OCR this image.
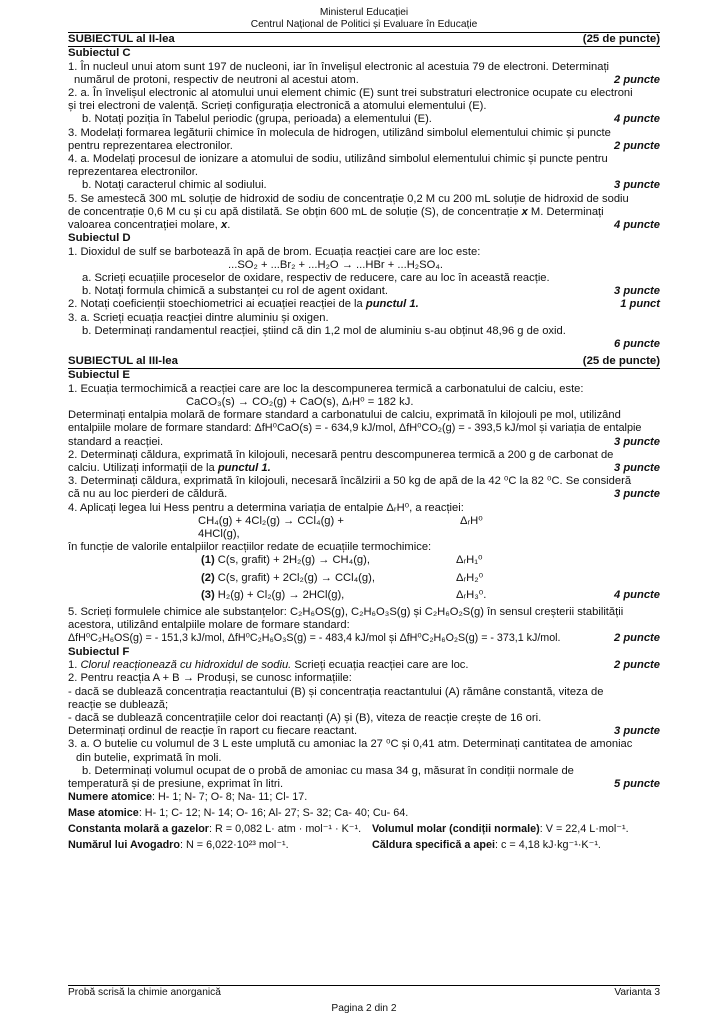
Ministerul Educației
Centrul Național de Politici și Evaluare în Educație
SUBIECTUL al II-lea	(25 de puncte)
Subiectul C

1. În nucleul unui atom sunt 197 de nucleoni, iar în învelișul electronic al acestuia 79 de electroni. Determinați

numărul de protoni, respectiv de neutroni al acestui atom.	2 puncte

2. a. În învelișul electronic al atomului unui element chimic (E) sunt trei substraturi electronice ocupate cu electroni

și trei electroni de valență. Scrieți configurația electronică a atomului elementului (E).

b. Notați poziția în Tabelul periodic (grupa, perioada) a elementului (E).	4 puncte

3. Modelați formarea legăturii chimice în molecula de hidrogen, utilizând simbolul elementului chimic și puncte

pentru reprezentarea electronilor.	2 puncte

4. a. Modelați procesul de ionizare a atomului de sodiu, utilizând simbolul elementului chimic și puncte pentru

reprezentarea electronilor.

b. Notați caracterul chimic al sodiului.	3 puncte

5. Se amestecă 300 mL soluție de hidroxid de sodiu de concentrație 0,2 M cu 200 mL soluție de hidroxid de sodiu

de concentrație 0,6 M cu și cu apă distilată. Se obțin 600 mL de soluție (S), de concentrație x M. Determinați

valoarea concentrației molare, x.	4 puncte
Subiectul D

1. Dioxidul de sulf se barbotează în apă de brom. Ecuația reacției care are loc este:

...SO₂ + ...Br₂ + ...H₂O → ...HBr + ...H₂SO₄.

a. Scrieți ecuațiile proceselor de oxidare, respectiv de reducere, care au loc în această reacție.

b. Notați formula chimică a substanței cu rol de agent oxidant.	3 puncte
2. Notați coeficienții stoechiometrici ai ecuației reacției de la punctul 1.	1 punct

3. a. Scrieți ecuația reacției dintre aluminiu și oxigen.

b. Determinați randamentul reacției, știind că din 1,2 mol de aluminiu s-au obținut 48,96 g de oxid.

6 puncte
SUBIECTUL al III-lea	(25 de puncte)
Subiectul E

1. Ecuația termochimică a reacției care are loc la descompunerea termică a carbonatului de calciu, este:

CaCO₃(s) → CO₂(g) + CaO(s), ΔᵣH⁰ = 182 kJ.

Determinați entalpia molară de formare standard a carbonatului de calciu, exprimată în kilojouli pe mol, utilizând

entalpiile molare de formare standard: ΔfH⁰CaO(s) = - 634,9 kJ/mol, ΔfH⁰CO₂(g) = - 393,5 kJ/mol și variația de entalpie

standard a reacției.	3 puncte

2. Determinați căldura, exprimată în kilojouli, necesară pentru descompunerea termică a 200 g de carbonat de

calciu. Utilizați informații de la punctul 1.	3 puncte

3. Determinați căldura, exprimată în kilojouli, necesară încălzirii a 50 kg de apă de la 42 ⁰C la 82 ⁰C. Se consideră

că nu au loc pierderi de căldură.	3 puncte

4. Aplicați legea lui Hess pentru a determina variația de entalpie ΔᵣH⁰, a reacției:

CH₄(g) + 4Cl₂(g) → CCl₄(g) + 4HCl(g),
ΔᵣH⁰

în funcție de valorile entalpiilor reacțiilor redate de ecuațiile termochimice:

(1) C(s, grafit) + 2H₂(g) → CH₄(g),	ΔᵣH₁⁰
(2) C(s, grafit) + 2Cl₂(g) → CCl₄(g),	ΔᵣH₂⁰
(3) H₂(g) + Cl₂(g) → 2HCl(g),	ΔᵣH₃⁰.	4 puncte

5. Scrieți formulele chimice ale substanțelor: C₂H₆OS(g), C₂H₆O₃S(g) și C₂H₆O₂S(g) în sensul creșterii stabilității

acestora, utilizând entalpiile molare de formare standard:

ΔfH⁰C₂H₆OS(g) = - 151,3 kJ/mol, ΔfH⁰C₂H₆O₃S(g) = - 483,4 kJ/mol și ΔfH⁰C₂H₆O₂S(g) = - 373,1 kJ/mol.	2 puncte
Subiectul F
1. Clorul reacționează cu hidroxidul de sodiu. Scrieți ecuația reacției care are loc.	2 puncte

2. Pentru reacția A + B → Produși, se cunosc informațiile:

- dacă se dublează concentrația reactantului (B) și concentrația reactantului (A) rămâne constantă, viteza de

reacție se dublează;

- dacă se dublează concentrațiile celor doi reactanți (A) și (B), viteza de reacție crește de 16 ori.

Determinați ordinul de reacție în raport cu fiecare reactant.	3 puncte

3. a. O butelie cu volumul de 3 L este umplută cu amoniac la 27 ⁰C și 0,41 atm. Determinați cantitatea de amoniac

din butelie, exprimată în moli.

b. Determinați volumul ocupat de o probă de amoniac cu masa 34 g, măsurat în condiții normale de

temperatură și de presiune, exprimat în litri.	5 puncte
Numere atomice: H- 1; N- 7; O- 8; Na- 11; Cl- 17.
Mase atomice: H- 1; C- 12; N- 14; O- 16; Al- 27; S- 32; Ca- 40; Cu- 64.
Constanta molară a gazelor: R = 0,082 L· atm · mol⁻¹ · K⁻¹.	Volumul molar (condiții normale): V = 22,4 L·mol⁻¹.
Numărul lui Avogadro: N = 6,022·10²³ mol⁻¹.	Căldura specifică a apei: c = 4,18 kJ·kg⁻¹·K⁻¹.
Probă scrisă la chimie anorganică	Varianta 3
Pagina 2 din 2
